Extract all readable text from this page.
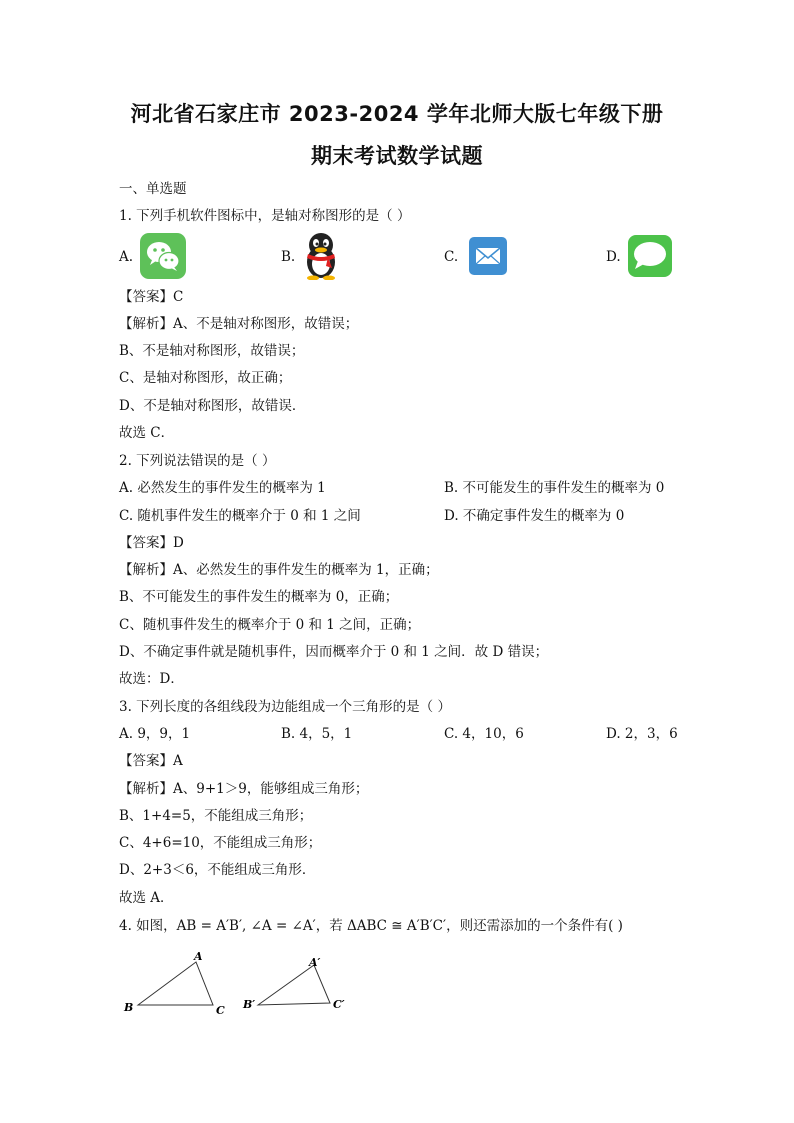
河北省石家庄市 2023-2024 学年北师大版七年级下册
期末考试数学试题
一、单选题
1. 下列手机软件图标中，是轴对称图形的是（ ）
A.	B.	C.	D.
【答案】C
【解析】A、不是轴对称图形，故错误；
B、不是轴对称图形，故错误；
C、是轴对称图形，故正确；
D、不是轴对称图形，故错误．
故选 C．
2. 下列说法错误的是（ ）
A. 必然发生的事件发生的概率为 1	B. 不可能发生的事件发生的概率为 0
C. 随机事件发生的概率介于 0 和 1 之间	D. 不确定事件发生的概率为 0
【答案】D
【解析】A、必然发生的事件发生的概率为 1，正确；
B、不可能发生的事件发生的概率为 0，正确；
C、随机事件发生的概率介于 0 和 1 之间，正确；
D、不确定事件就是随机事件，因而概率介于 0 和 1 之间．故 D 错误；
故选：D．
3. 下列长度的各组线段为边能组成一个三角形的是（ ）
A. 9，9，1	B. 4，5，1	C. 4，10，6	D. 2，3，6
【答案】A
【解析】A、9+1＞9，能够组成三角形；
B、1+4=5，不能组成三角形；
C、4+6=10，不能组成三角形；
D、2+3＜6，不能组成三角形．
故选 A．
4. 如图，AB = A′B′, ∠A = ∠A′，若 ΔABC ≅ A′B′C′，则还需添加的一个条件有( )
A
B	C
A′
B′	C′
